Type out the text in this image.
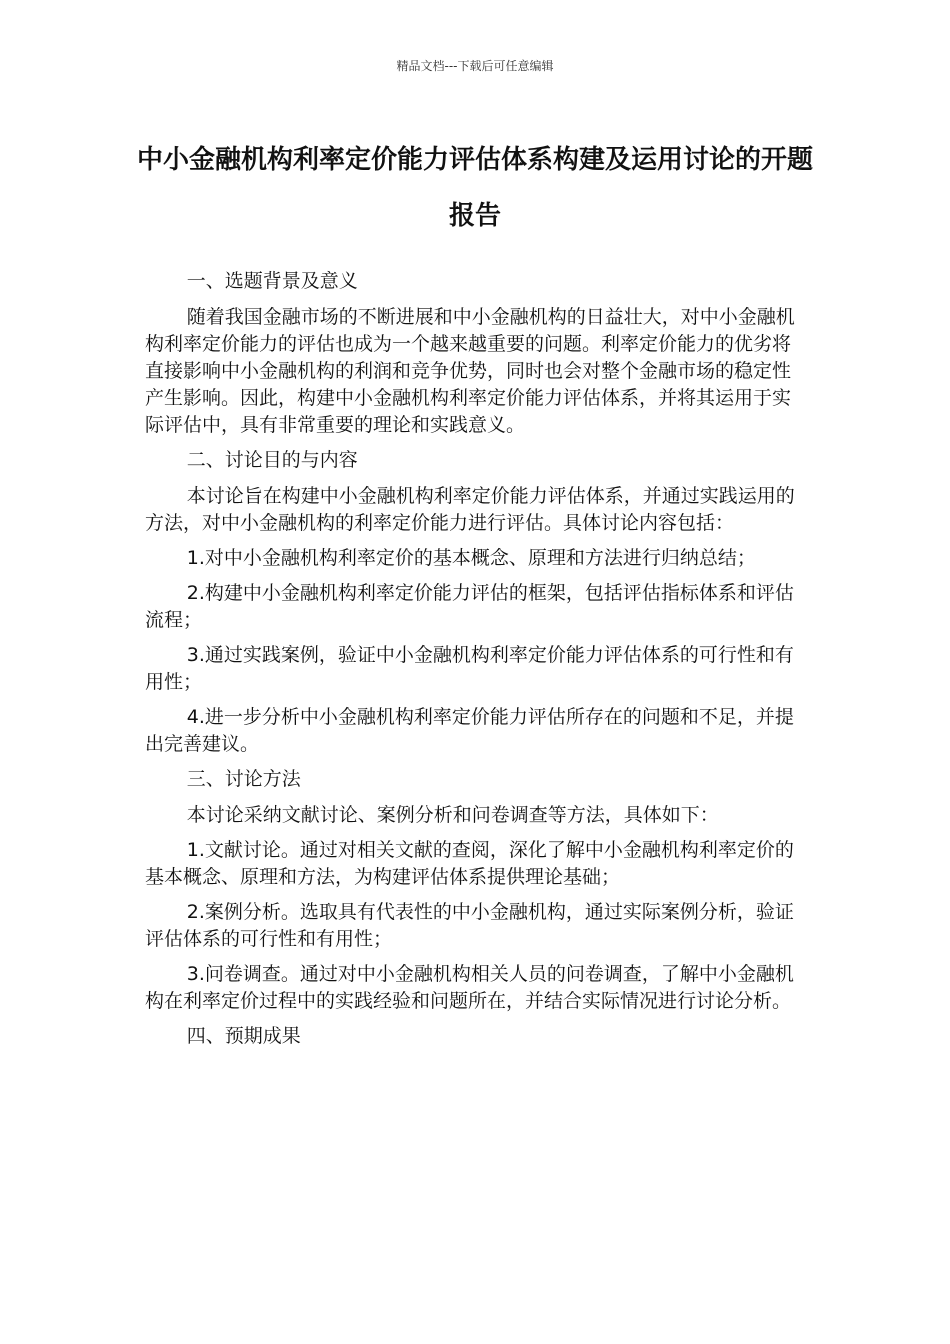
精品文档---下载后可任意编辑
中小金融机构利率定价能力评估体系构建及运用讨论的开题报告

一、选题背景及意义

随着我国金融市场的不断进展和中小金融机构的日益壮大，对中小金融机构利率定价能力的评估也成为一个越来越重要的问题。利率定价能力的优劣将直接影响中小金融机构的利润和竞争优势，同时也会对整个金融市场的稳定性产生影响。因此，构建中小金融机构利率定价能力评估体系，并将其运用于实际评估中，具有非常重要的理论和实践意义。

二、讨论目的与内容

本讨论旨在构建中小金融机构利率定价能力评估体系，并通过实践运用的方法，对中小金融机构的利率定价能力进行评估。具体讨论内容包括：

1.对中小金融机构利率定价的基本概念、原理和方法进行归纳总结；

2.构建中小金融机构利率定价能力评估的框架，包括评估指标体系和评估流程；

3.通过实践案例，验证中小金融机构利率定价能力评估体系的可行性和有用性；

4.进一步分析中小金融机构利率定价能力评估所存在的问题和不足，并提出完善建议。

三、讨论方法

本讨论采纳文献讨论、案例分析和问卷调查等方法，具体如下：

1.文献讨论。通过对相关文献的查阅，深化了解中小金融机构利率定价的基本概念、原理和方法，为构建评估体系提供理论基础；

2.案例分析。选取具有代表性的中小金融机构，通过实际案例分析，验证评估体系的可行性和有用性；

3.问卷调查。通过对中小金融机构相关人员的问卷调查，了解中小金融机构在利率定价过程中的实践经验和问题所在，并结合实际情况进行讨论分析。

四、预期成果
